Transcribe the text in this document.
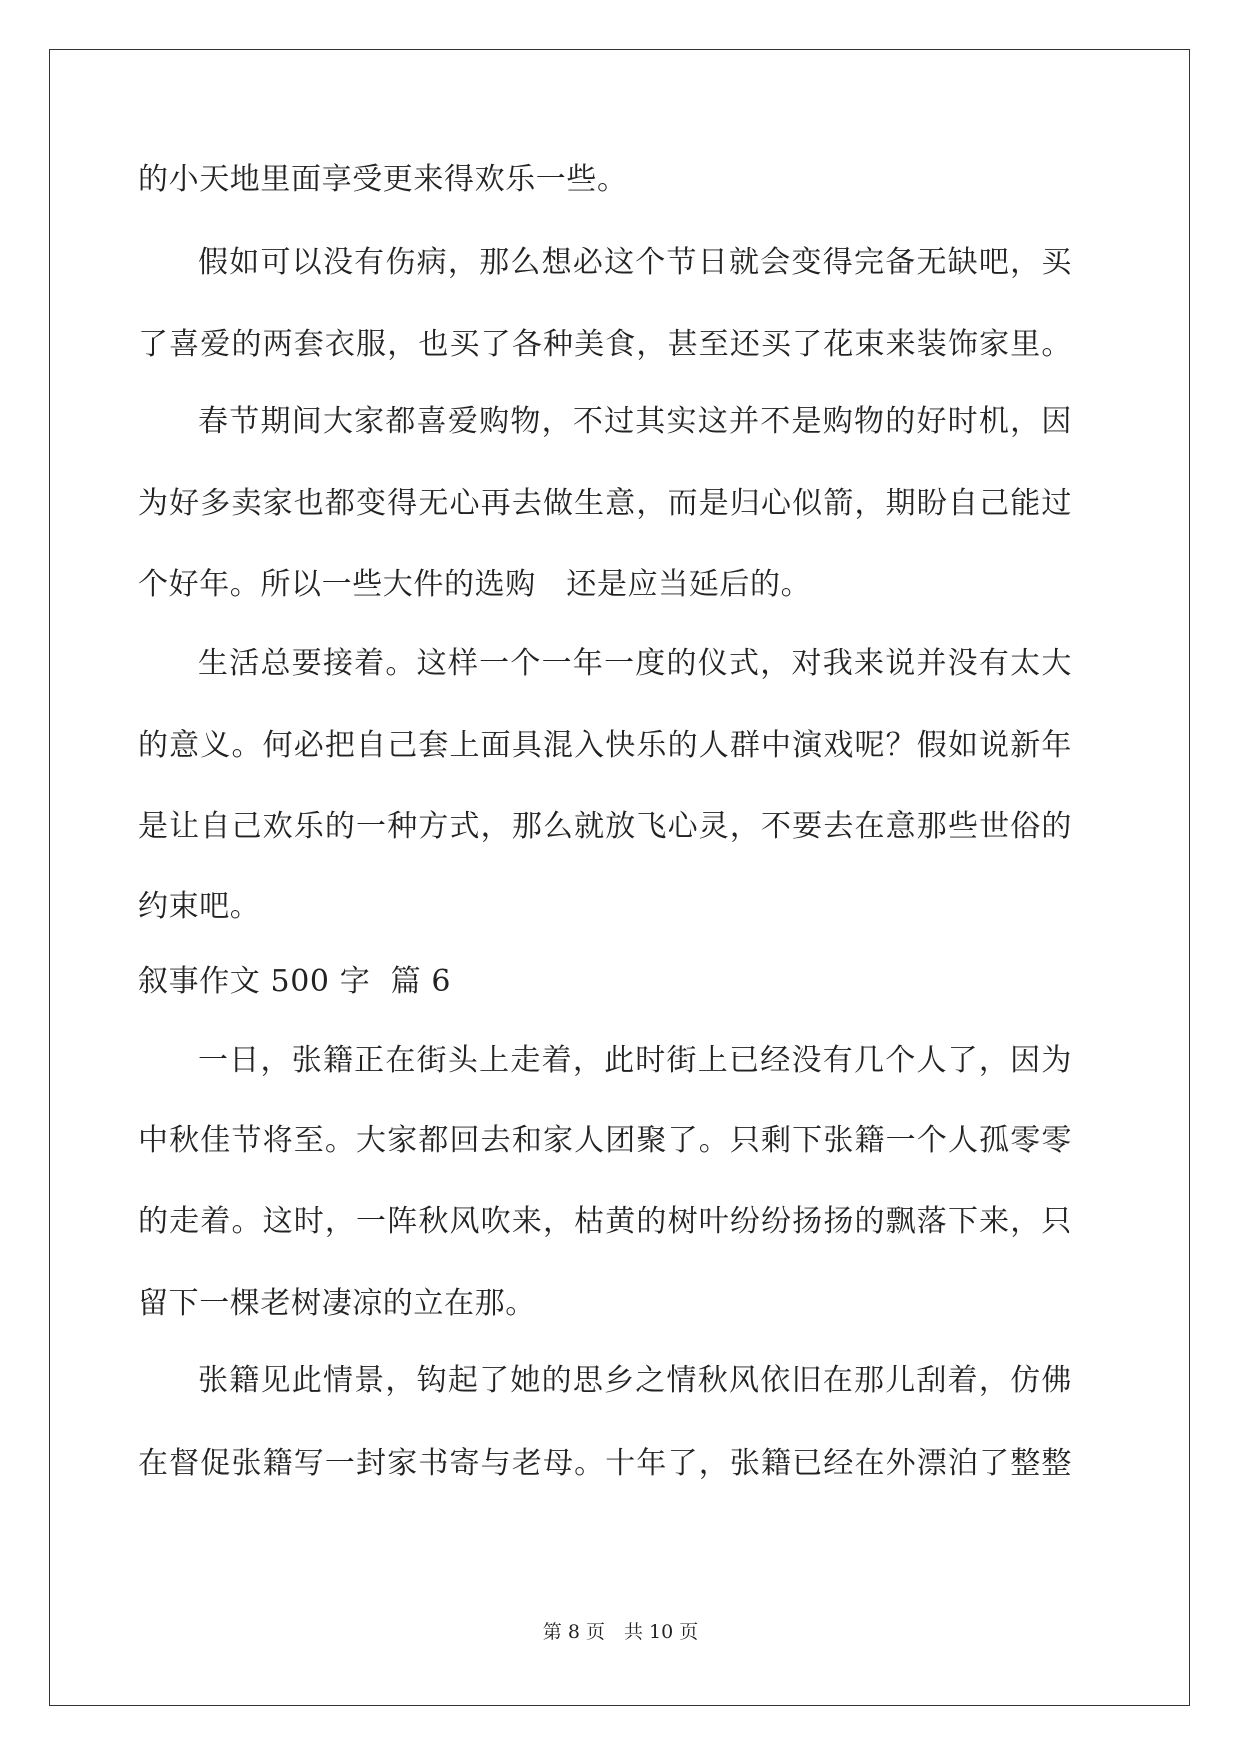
的小天地里面享受更来得欢乐一些。

假如可以没有伤病，那么想必这个节日就会变得完备无缺吧，买

了喜爱的两套衣服，也买了各种美食，甚至还买了花束来装饰家里。

春节期间大家都喜爱购物，不过其实这并不是购物的好时机，因

为好多卖家也都变得无心再去做生意，而是归心似箭，期盼自己能过

个好年。所以一些大件的选购　还是应当延后的。

生活总要接着。这样一个一年一度的仪式，对我来说并没有太大

的意义。何必把自己套上面具混入快乐的人群中演戏呢？假如说新年

是让自己欢乐的一种方式，那么就放飞心灵，不要去在意那些世俗的

约束吧。

叙事作文 500 字  篇 6

一日，张籍正在街头上走着，此时街上已经没有几个人了，因为

中秋佳节将至。大家都回去和家人团聚了。只剩下张籍一个人孤零零

的走着。这时，一阵秋风吹来，枯黄的树叶纷纷扬扬的飘落下来，只

留下一棵老树凄凉的立在那。

张籍见此情景，钩起了她的思乡之情秋风依旧在那儿刮着，仿佛

在督促张籍写一封家书寄与老母。十年了，张籍已经在外漂泊了整整

第 8 页　共 10 页
